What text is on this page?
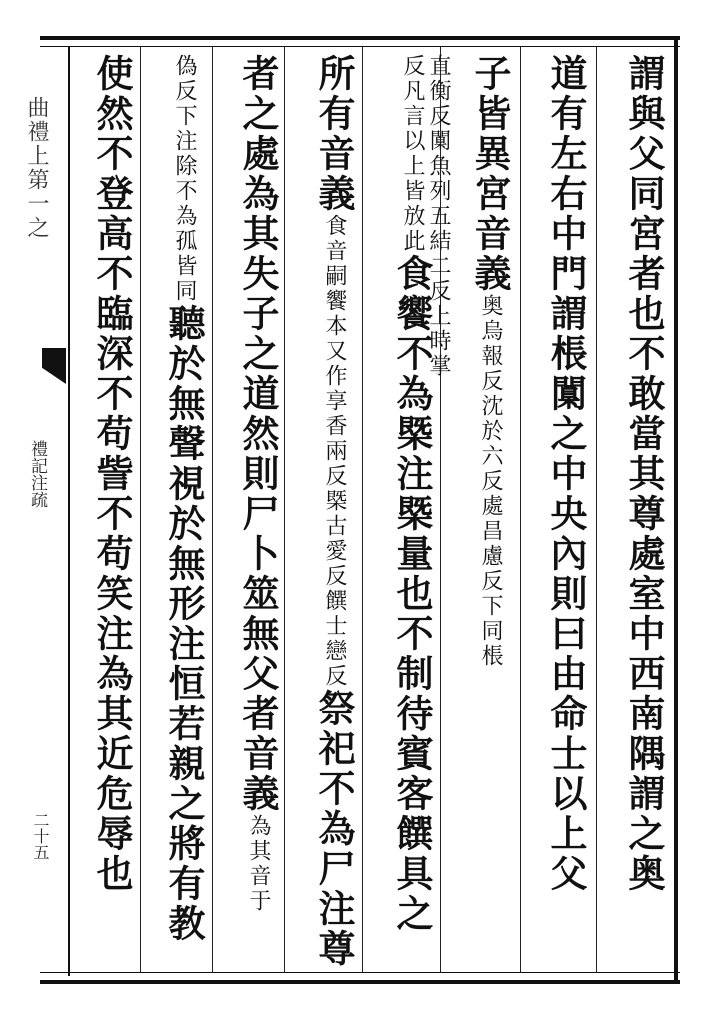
曲禮上第一之
禮記注疏
二十五	謂與父同宮者也不敢當其尊處室中西南隅謂之奥
道有左右中門謂棖闑之中央內則曰由命士以上父
子皆異宮音義奥烏報反沈於六反處昌慮反下同棖直衡反闑魚列五結二反上時掌
反凡言以上皆放此食饗不為槩注槩量也不制待賓客饌具之
所有音義食音嗣饗本又作享香兩反槩古愛反饌士戀反祭祀不為尸注尊
者之處為其失子之道然則尸卜筮無父者音義為其音于
偽反下注除不為孤皆同聽於無聲視於無形注恒若親之將有教
使然不登高不臨深不苟訾不苟笑注為其近危辱也
